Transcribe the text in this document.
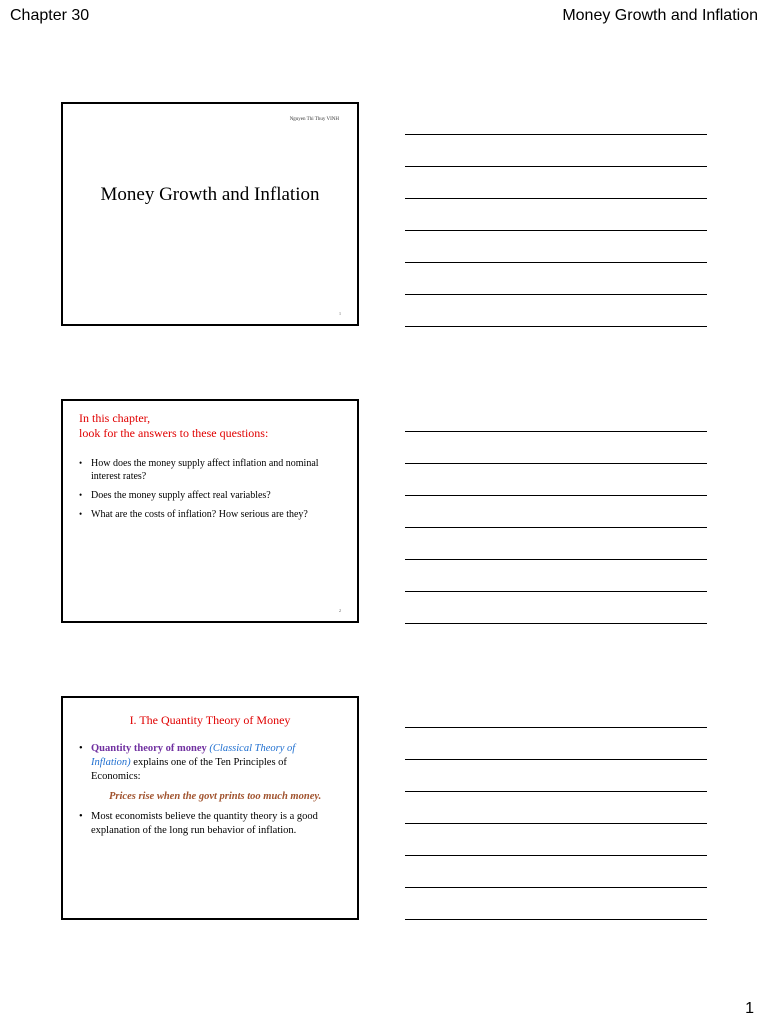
Chapter 30	Money Growth and Inflation
Nguyen Thi Thuy VINH
Money Growth and Inflation
1
In this chapter,
look for the answers to these questions:
• How does the money supply affect inflation and nominal interest rates?
• Does the money supply affect real variables?
• What are the costs of inflation? How serious are they?
2
I. The Quantity Theory of Money
• Quantity theory of money (Classical Theory of Inflation) explains one of the Ten Principles of Economics:
Prices rise when the govt prints too much money.
• Most economists believe the quantity theory is a good explanation of the long run behavior of inflation.
1
